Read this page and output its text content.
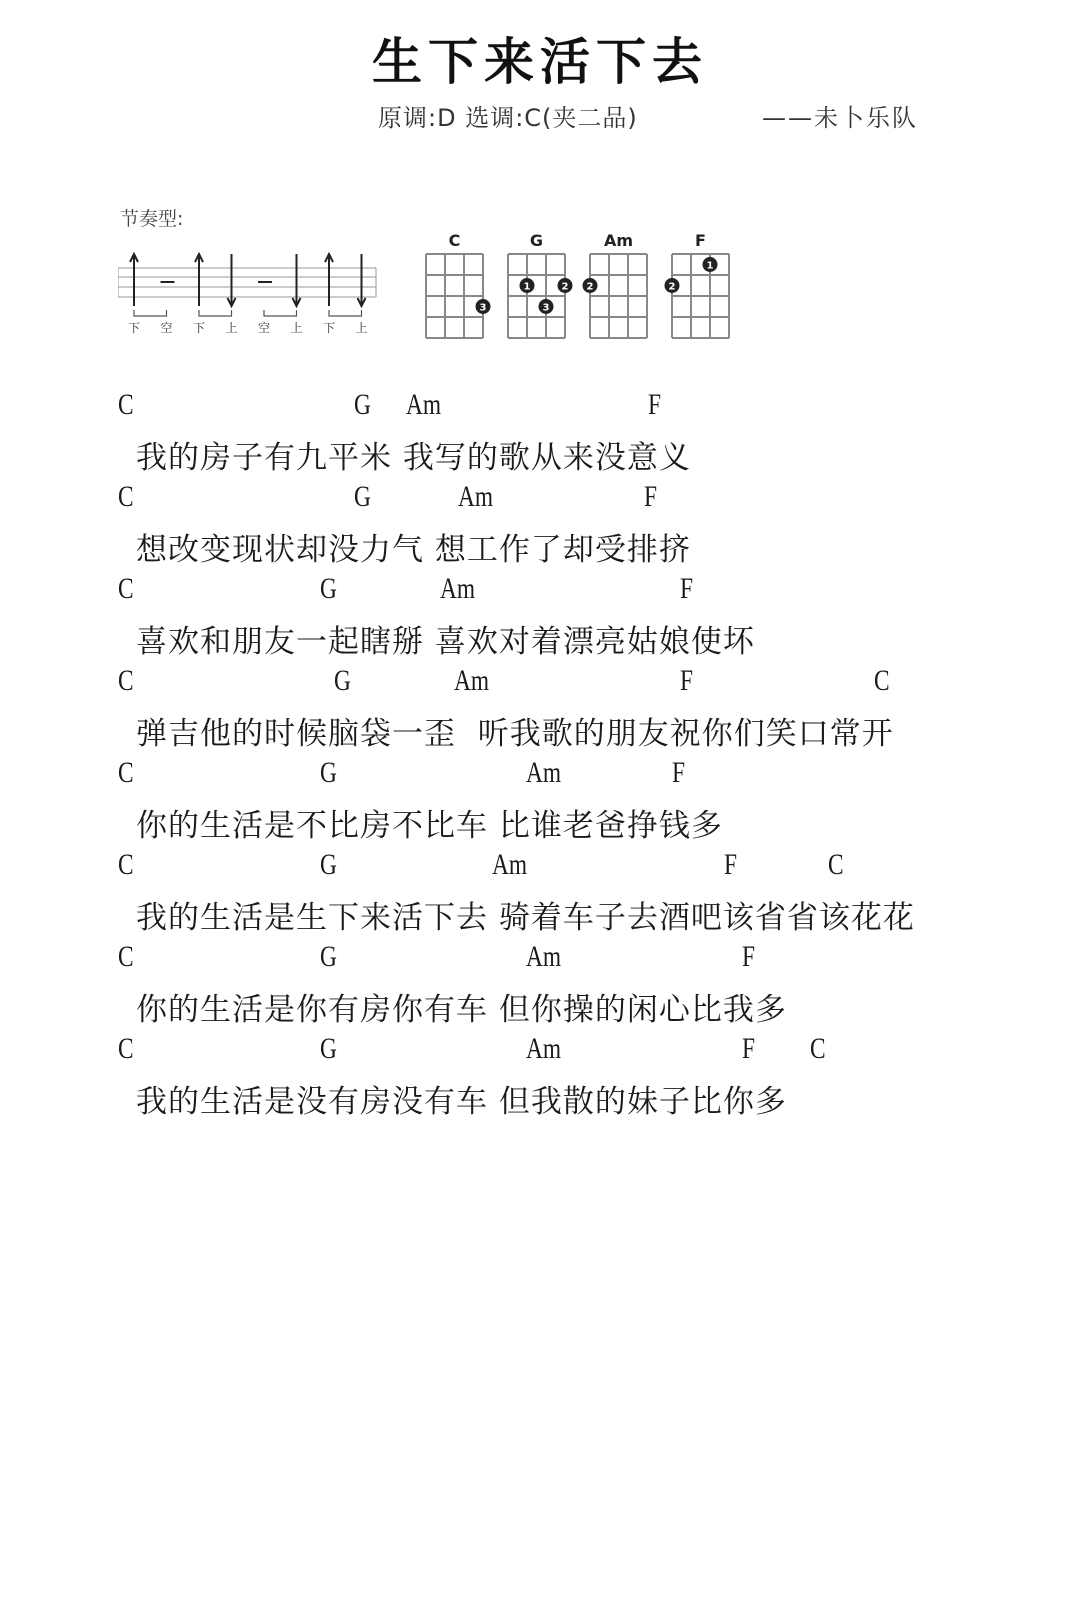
生下来活下去
原调:D 选调:C(夹二品)	——未卜乐队
节奏型:
下 空 下 上 空 上 下 上
C
3
G
1	2
3
Am
2
F
1
2
C	G Am	F
我的房子有九平米 我写的歌从来没意义
C	G	Am	F
想改变现状却没力气 想工作了却受排挤
C	G	Am	F
喜欢和朋友一起瞎掰 喜欢对着漂亮姑娘使坏
C	G	Am	F	C
弹吉他的时候脑袋一歪  听我歌的朋友祝你们笑口常开
C	G	Am	F
你的生活是不比房不比车 比谁老爸挣钱多
C	G	Am	F	C
我的生活是生下来活下去 骑着车子去酒吧该省省该花花
C	G	Am	F
你的生活是你有房你有车 但你操的闲心比我多
C	G	Am	F C
我的生活是没有房没有车 但我散的妹子比你多
